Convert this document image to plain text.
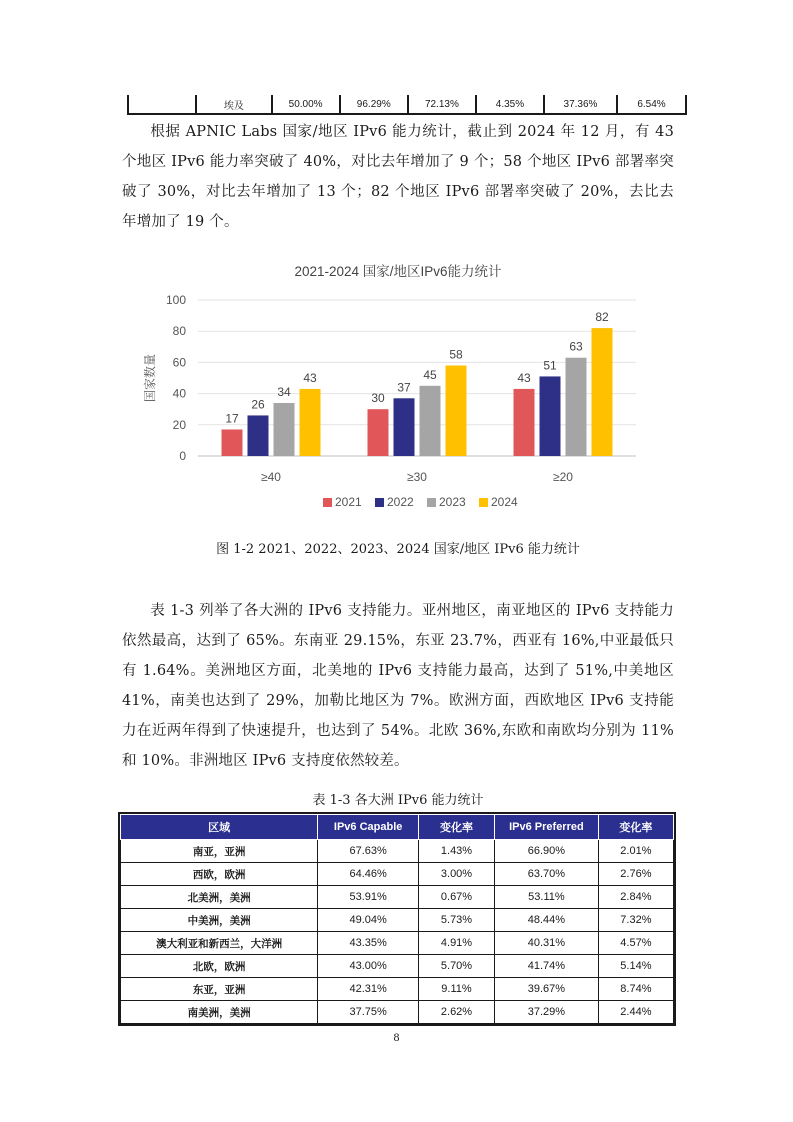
	埃及	50.00%	96.29%	72.13%	4.35%	37.36%	6.54%

根据 APNIC Labs 国家/地区 IPv6 能力统计，截止到 2024 年 12 月，有 43 个地区 IPv6 能力率突破了 40%，对比去年增加了 9 个；58 个地区 IPv6 部署率突破了 30%，对比去年增加了 13 个；82 个地区 IPv6 部署率突破了 20%，去比去年增加了 19 个。

2021-2024 国家/地区IPv6能力统计
0
20
40
60
80
100
国家数量
17
26
34
43
≥40
30
37
45
58
≥30
43
51
63
82
≥20
2021 2022 2023 2024
图 1-2 2021、2022、2023、2024 国家/地区 IPv6 能力统计

表 1-3 列举了各大洲的 IPv6 支持能力。亚州地区，南亚地区的 IPv6 支持能力依然最高，达到了 65%。东南亚 29.15%，东亚 23.7%，西亚有 16%,中亚最低只有 1.64%。美洲地区方面，北美地的 IPv6 支持能力最高，达到了 51%,中美地区 41%，南美也达到了 29%，加勒比地区为 7%。欧洲方面，西欧地区 IPv6 支持能力在近两年得到了快速提升，也达到了 54%。北欧 36%,东欧和南欧均分别为 11%和 10%。非洲地区 IPv6 支持度依然较差。

表 1-3 各大洲 IPv6 能力统计
区域	IPv6 Capable	变化率	IPv6 Preferred	变化率
南亚，亚洲	67.63%	1.43%	66.90%	2.01%
西欧，欧洲	64.46%	3.00%	63.70%	2.76%
北美洲，美洲	53.91%	0.67%	53.11%	2.84%
中美洲，美洲	49.04%	5.73%	48.44%	7.32%
澳大利亚和新西兰，大洋洲	43.35%	4.91%	40.31%	4.57%
北欧，欧洲	43.00%	5.70%	41.74%	5.14%
东亚，亚洲	42.31%	9.11%	39.67%	8.74%
南美洲，美洲	37.75%	2.62%	37.29%	2.44%
8
